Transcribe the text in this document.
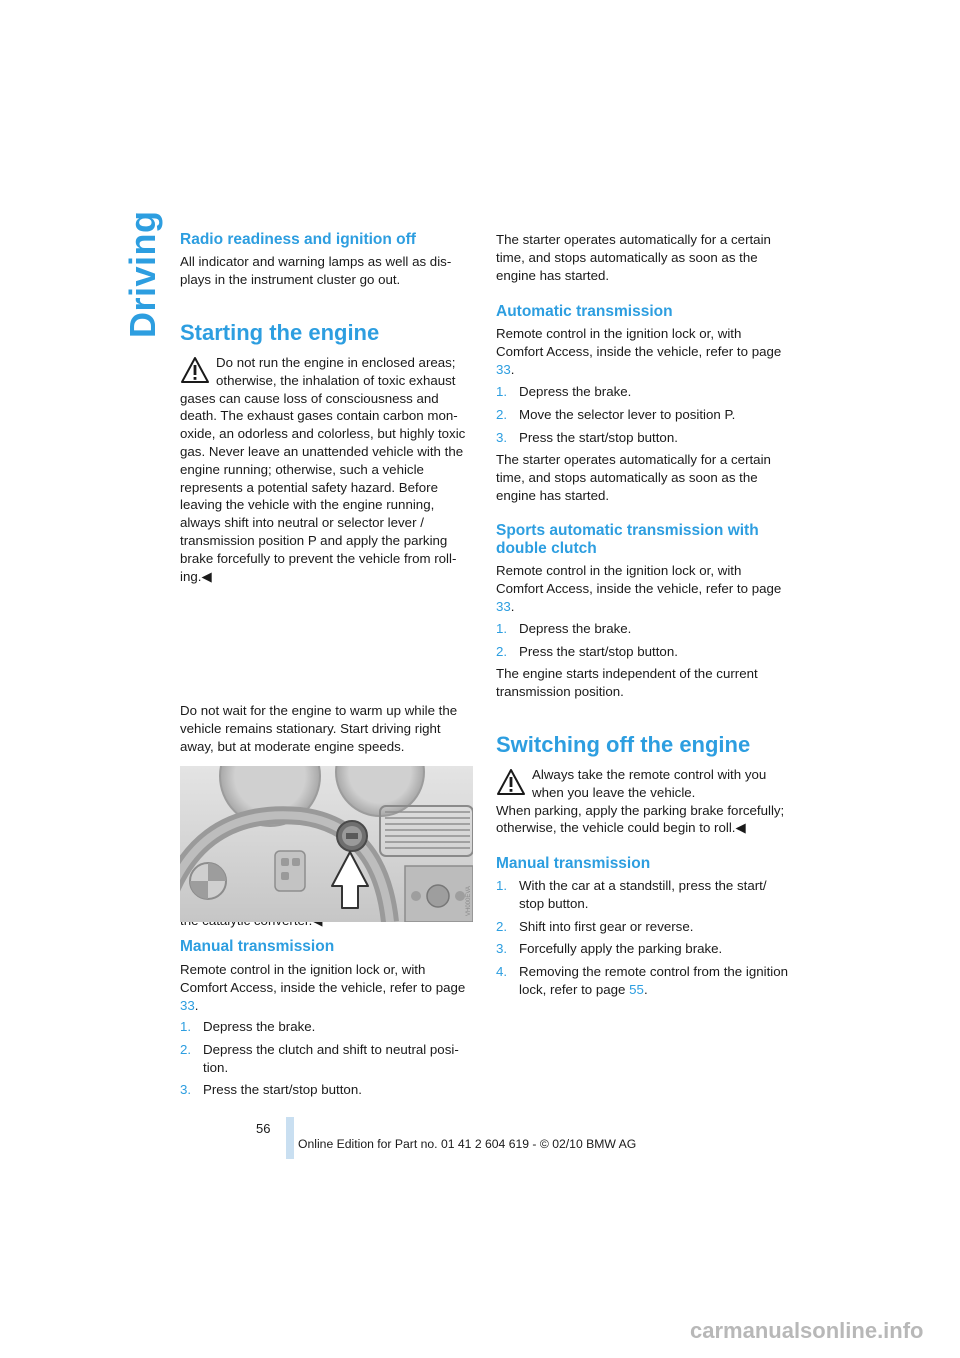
Driving Radio readiness and ignition off

All indicator and warning lamps as well as displays in the instrument cluster go out.

Starting the engine

Do not run the engine in enclosed areas;

otherwise, the inhalation of toxic exhaust

gases can cause loss of consciousness and death. The exhaust gases contain carbon monoxide, an odorless and colorless, but highly toxic gas. Never leave an unattended vehicle with the engine running; otherwise, such a vehicle represents a potential safety hazard. Before leaving the vehicle with the engine running, always shift into neutral or selector lever / transmission position P and apply the parking brake forcefully to prevent the vehicle from rolling.◀

Do not wait for the engine to warm up while the vehicle remains stationary. Start driving right away, but at moderate engine speeds.

Manual transmission

Remote control in the ignition lock or, with Comfort Access, inside the vehicle, refer to page 33.

1. Depress the brake.
2. Depress the clutch and shift to neutral position.
3. Press the start/stop button.
VH000EVA

The starter operates automatically for a certain time, and stops automatically as soon as the engine has started.

Automatic transmission

Remote control in the ignition lock or, with Comfort Access, inside the vehicle, refer to page 33.

1. Depress the brake.
2. Move the selector lever to position P.
3. Press the start/stop button.

The starter operates automatically for a certain time, and stops automatically as soon as the engine has started.

Sports automatic transmission with double clutch

Remote control in the ignition lock or, with Comfort Access, inside the vehicle, refer to page 33.

1. Depress the brake.
2. Press the start/stop button.

The engine starts independent of the current transmission position.

Switching off the engine

Always take the remote control with you

when you leave the vehicle.

When parking, apply the parking brake forcefully; otherwise, the vehicle could begin to roll.◀

Manual transmission
1. With the car at a standstill, press the start/ stop button.
2. Shift into first gear or reverse.
3. Forcefully apply the parking brake.
4. Removing the remote control from the ignition lock, refer to page 55.
56
Online Edition for Part no. 01 41 2 604 619 - © 02/10 BMW AG
carmanualsonline.info
